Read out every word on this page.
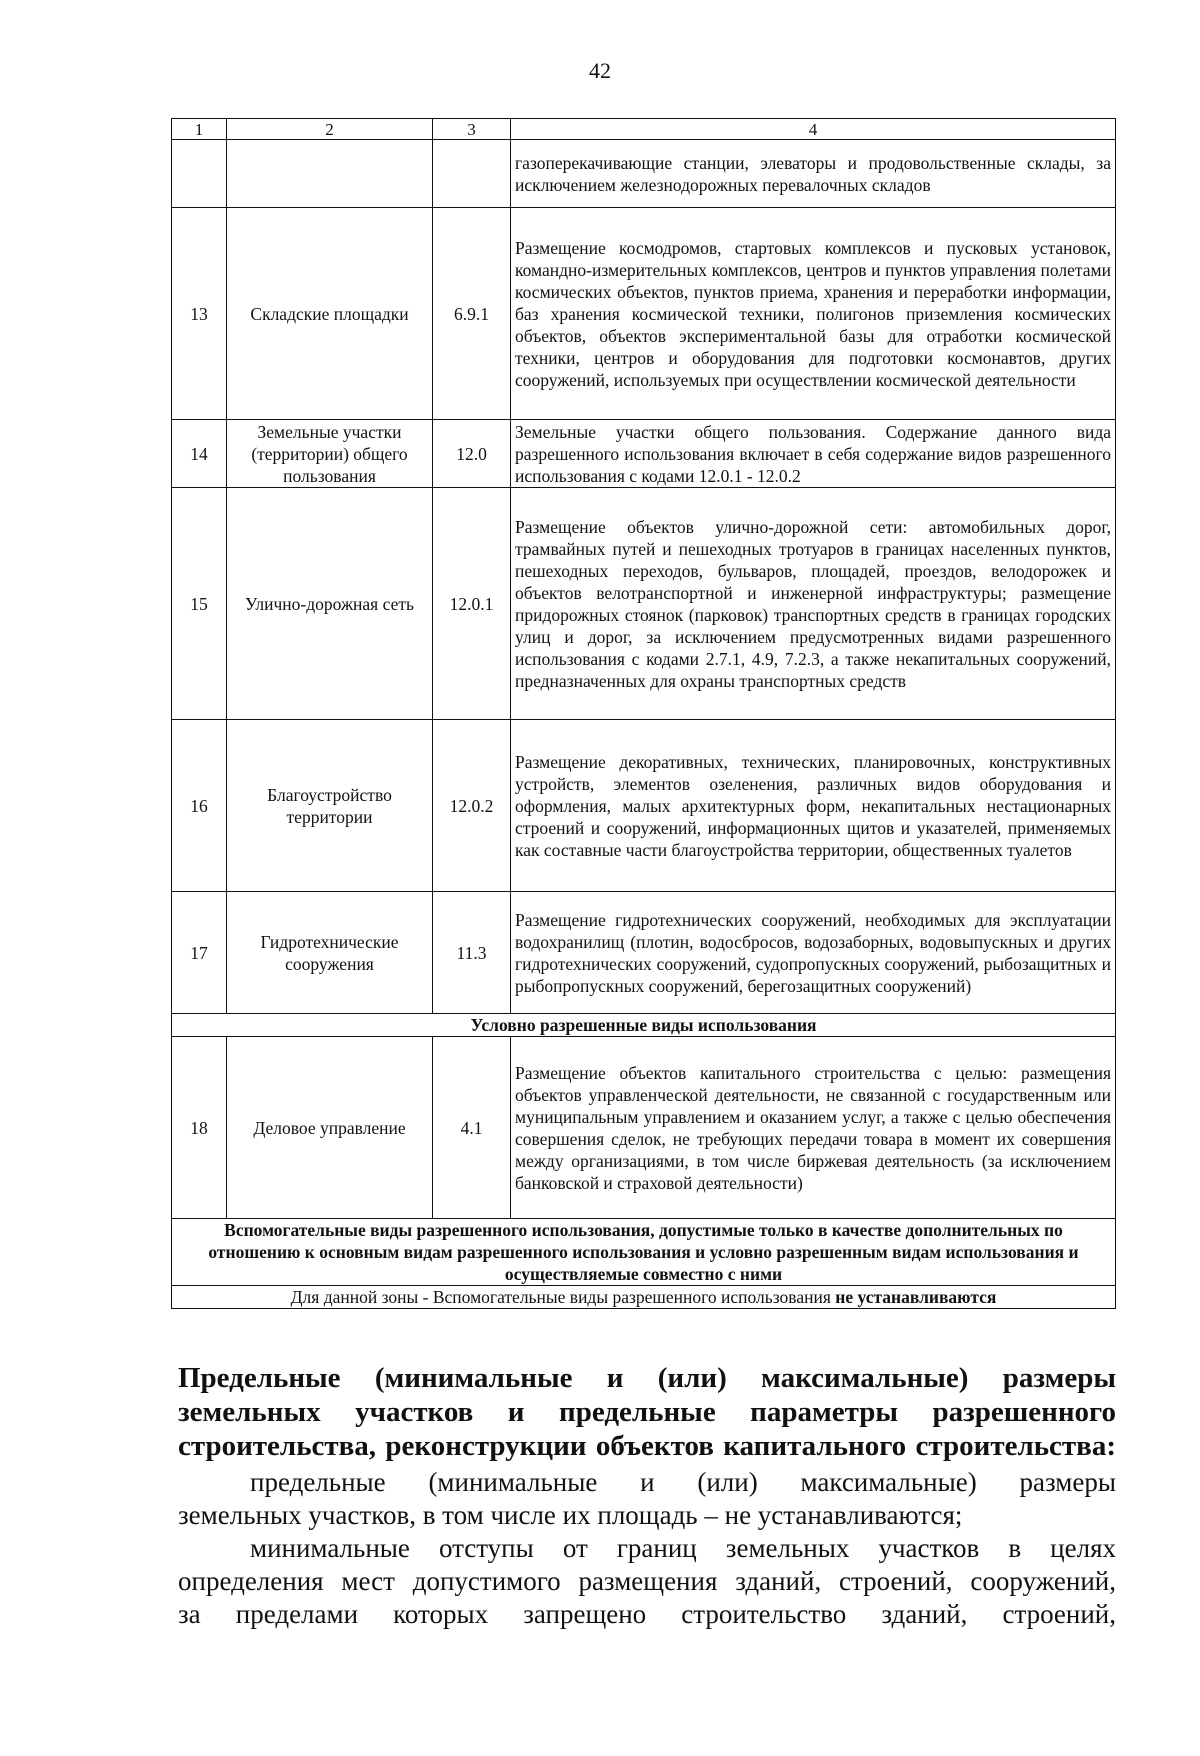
42
1	2	3	4
			газоперекачивающие станции, элеваторы и продовольственные склады, за исключением железнодорожных перевалочных складов
13	Складские площадки	6.9.1	Размещение космодромов, стартовых комплексов и пусковых установок, командно-измерительных комплексов, центров и пунктов управления полетами космических объектов, пунктов приема, хранения и переработки информации, баз хранения космической техники, полигонов приземления космических объектов, объектов экспериментальной базы для отработки космической техники, центров и оборудования для подготовки космонавтов, других сооружений, используемых при осуществлении космической деятельности
14	Земельные участки (территории) общего пользования	12.0	Земельные участки общего пользования. Содержание данного вида разрешенного использования включает в себя содержание видов разрешенного использования с кодами 12.0.1 - 12.0.2
15	Улично-дорожная сеть	12.0.1	Размещение объектов улично-дорожной сети: автомобильных дорог, трамвайных путей и пешеходных тротуаров в границах населенных пунктов, пешеходных переходов, бульваров, площадей, проездов, велодорожек и объектов велотранспортной и инженерной инфраструктуры; размещение придорожных стоянок (парковок) транспортных средств в границах городских улиц и дорог, за исключением предусмотренных видами разрешенного использования с кодами 2.7.1, 4.9, 7.2.3, а также некапитальных сооружений, предназначенных для охраны транспортных средств
16	Благоустройство территории	12.0.2	Размещение декоративных, технических, планировочных, конструктивных устройств, элементов озеленения, различных видов оборудования и оформления, малых архитектурных форм, некапитальных нестационарных строений и сооружений, информационных щитов и указателей, применяемых как составные части благоустройства территории, общественных туалетов
17	Гидротехнические сооружения	11.3	Размещение гидротехнических сооружений, необходимых для эксплуатации водохранилищ (плотин, водосбросов, водозаборных, водовыпускных и других гидротехнических сооружений, судопропускных сооружений, рыбозащитных и рыбопропускных сооружений, берегозащитных сооружений)
Условно разрешенные виды использования			
18	Деловое управление	4.1	Размещение объектов капитального строительства с целью: размещения объектов управленческой деятельности, не связанной с государственным или муниципальным управлением и оказанием услуг, а также с целью обеспечения совершения сделок, не требующих передачи товара в момент их совершения между организациями, в том числе биржевая деятельность (за исключением банковской и страховой деятельности)
Вспомогательные виды разрешенного использования, допустимые только в качестве дополнительных по отношению к основным видам разрешенного использования и условно разрешенным видам использования и осуществляемые совместно с ними			
Для данной зоны - Вспомогательные виды разрешенного использования не устанавливаются			
Предельные (минимальные и (или) максимальные) размеры
земельных участков и предельные параметры разрешенного
строительства, реконструкции объектов капитального строительства:
предельные (минимальные и (или) максимальные) размеры
земельных участков, в том числе их площадь – не устанавливаются;
минимальные отступы от границ земельных участков в целях
определения мест допустимого размещения зданий, строений, сооружений,
за пределами которых запрещено строительство зданий, строений,
